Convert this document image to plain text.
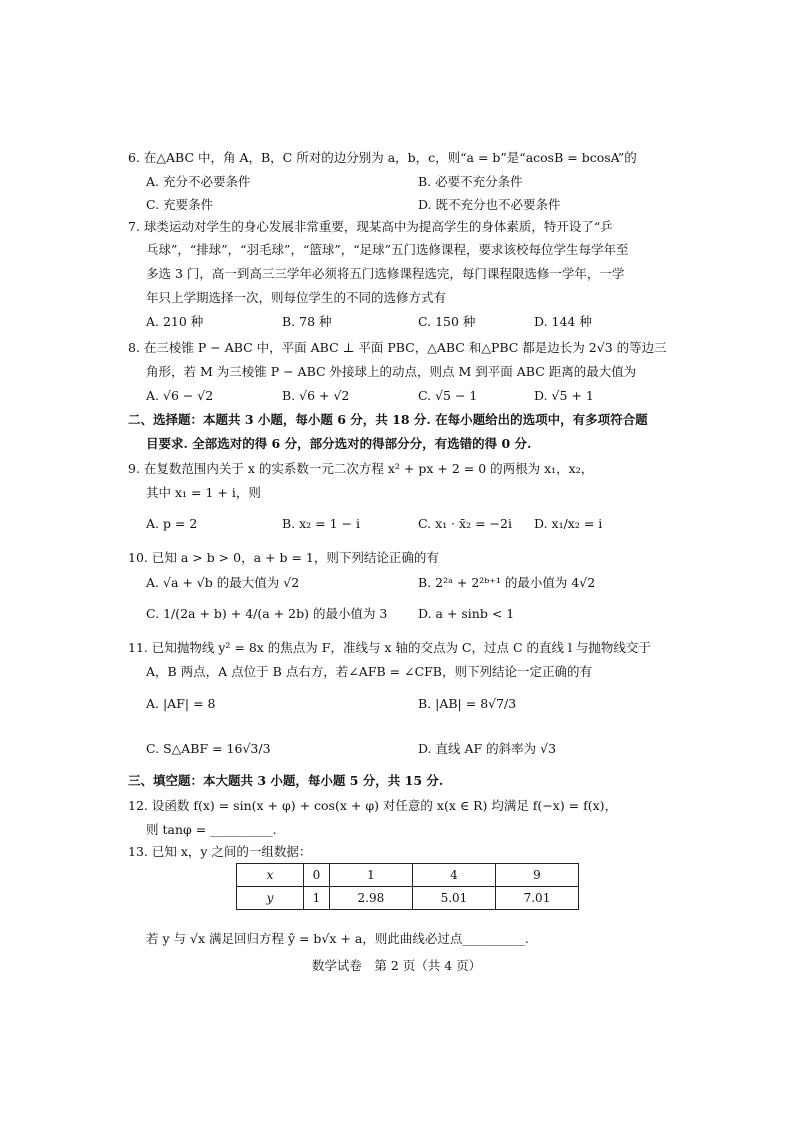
6. 在△ABC 中，角 A，B，C 所对的边分别为 a，b，c，则“a = b”是“acosB = bcosA”的
A. 充分不必要条件	B. 必要不充分条件
C. 充要条件	D. 既不充分也不必要条件
7. 球类运动对学生的身心发展非常重要，现某高中为提高学生的身体素质，特开设了“乒
乓球”，“排球”，“羽毛球”，“篮球”，“足球”五门选修课程，要求该校每位学生每学年至
多选 3 门，高一到高三三学年必须将五门选修课程选完，每门课程限选修一学年，一学
年只上学期选择一次，则每位学生的不同的选修方式有
A. 210 种	B. 78 种	C. 150 种	D. 144 种
8. 在三棱锥 P − ABC 中，平面 ABC ⊥ 平面 PBC，△ABC 和△PBC 都是边长为 2√3 的等边三
角形，若 M 为三棱锥 P − ABC 外接球上的动点，则点 M 到平面 ABC 距离的最大值为
A. √6 − √2	B. √6 + √2	C. √5 − 1	D. √5 + 1
二、选择题：本题共 3 小题，每小题 6 分，共 18 分. 在每小题给出的选项中，有多项符合题
目要求. 全部选对的得 6 分，部分选对的得部分分，有选错的得 0 分.
9. 在复数范围内关于 x 的实系数一元二次方程 x² + px + 2 = 0 的两根为 x₁，x₂，
其中 x₁ = 1 + i，则
A. p = 2	B. x₂ = 1 − i	C. x₁ · x̄₂ = −2i D. x₁/x₂ = i
10. 已知 a > b > 0，a + b = 1，则下列结论正确的有
A. √a + √b 的最大值为 √2	B. 2²ᵃ + 2²ᵇ⁺¹ 的最小值为 4√2
C. 1/(2a + b) + 4/(a + 2b) 的最小值为 3 D. a + sinb < 1
11. 已知抛物线 y² = 8x 的焦点为 F，准线与 x 轴的交点为 C，过点 C 的直线 l 与抛物线交于
A，B 两点，A 点位于 B 点右方，若∠AFB = ∠CFB，则下列结论一定正确的有
A. |AF| = 8	B. |AB| = 8√7/3
C. S△ABF = 16√3/3	D. 直线 AF 的斜率为 √3
三、填空题：本大题共 3 小题，每小题 5 分，共 15 分.
12. 设函数 f(x) = sin(x + φ) + cos(x + φ) 对任意的 x(x ∈ R) 均满足 f(−x) = f(x)，
则 tanφ = __________.
13. 已知 x，y 之间的一组数据：
x	0	1	4	9
y	1	2.98	5.01	7.01
若 y 与 √x 满足回归方程 ŷ = b√x + a，则此曲线必过点__________.
数学试卷　第 2 页（共 4 页）
